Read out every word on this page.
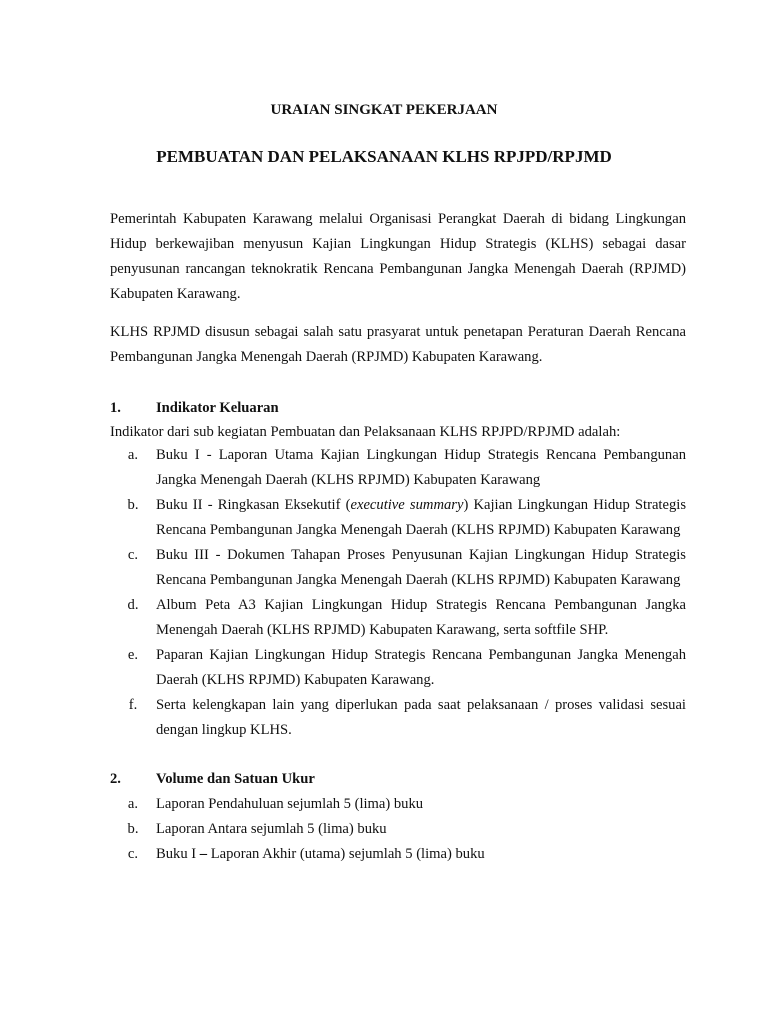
URAIAN SINGKAT PEKERJAAN
PEMBUATAN DAN PELAKSANAAN KLHS RPJPD/RPJMD

Pemerintah Kabupaten Karawang melalui Organisasi Perangkat Daerah di bidang Lingkungan Hidup berkewajiban menyusun Kajian Lingkungan Hidup Strategis (KLHS) sebagai dasar penyusunan rancangan teknokratik Rencana Pembangunan Jangka Menengah Daerah (RPJMD) Kabupaten Karawang.

KLHS RPJMD disusun sebagai salah satu prasyarat untuk penetapan Peraturan Daerah Rencana Pembangunan Jangka Menengah Daerah (RPJMD) Kabupaten Karawang.

1.	Indikator Keluaran

Indikator dari sub kegiatan Pembuatan dan Pelaksanaan KLHS RPJPD/RPJMD adalah:

a.	Buku I - Laporan Utama Kajian Lingkungan Hidup Strategis Rencana Pembangunan Jangka Menengah Daerah (KLHS RPJMD) Kabupaten Karawang
b.	Buku II - Ringkasan Eksekutif (executive summary) Kajian Lingkungan Hidup Strategis Rencana Pembangunan Jangka Menengah Daerah (KLHS RPJMD) Kabupaten Karawang
c.	Buku III - Dokumen Tahapan Proses Penyusunan Kajian Lingkungan Hidup Strategis Rencana Pembangunan Jangka Menengah Daerah (KLHS RPJMD) Kabupaten Karawang
d.	Album Peta A3 Kajian Lingkungan Hidup Strategis Rencana Pembangunan Jangka Menengah Daerah (KLHS RPJMD) Kabupaten Karawang, serta softfile SHP.
e.	Paparan Kajian Lingkungan Hidup Strategis Rencana Pembangunan Jangka Menengah Daerah (KLHS RPJMD) Kabupaten Karawang.
f.	Serta kelengkapan lain yang diperlukan pada saat pelaksanaan / proses validasi sesuai dengan lingkup KLHS.
2.	Volume dan Satuan Ukur
a.	Laporan Pendahuluan sejumlah 5 (lima) buku
b.	Laporan Antara sejumlah 5 (lima) buku
c.	Buku I – Laporan Akhir (utama) sejumlah 5 (lima) buku
